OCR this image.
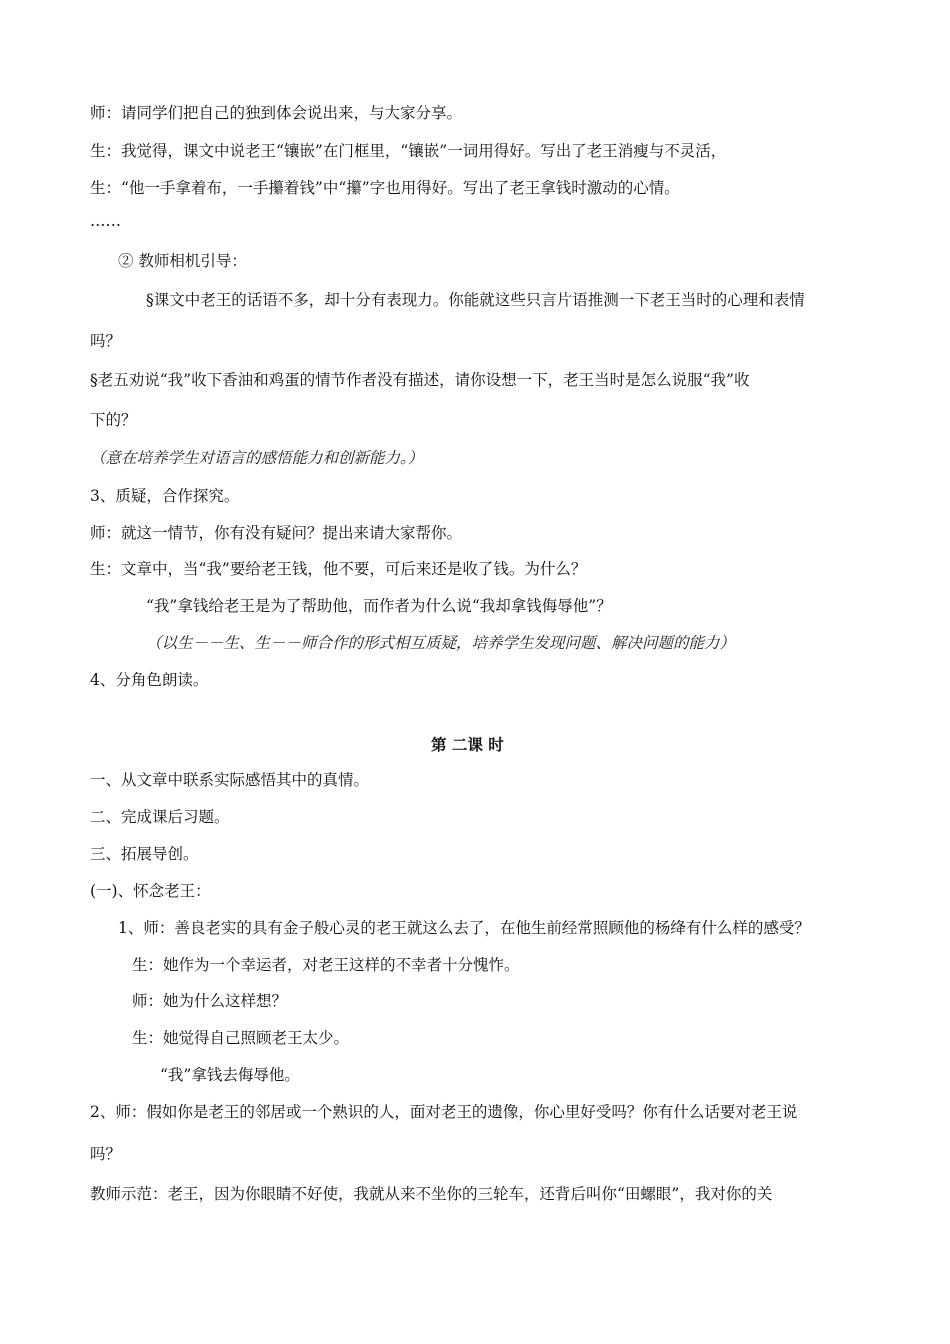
师：请同学们把自己的独到体会说出来，与大家分享。
生：我觉得，课文中说老王“镶嵌”在门框里，“镶嵌”一词用得好。写出了老王消瘦与不灵活，
生：“他一手拿着布，一手攥着钱”中“攥”字也用得好。写出了老王拿钱时激动的心情。
……
② 教师相机引导：
§课文中老王的话语不多，却十分有表现力。你能就这些只言片语推测一下老王当时的心理和表情
吗？
§老五劝说“我”收下香油和鸡蛋的情节作者没有描述，请你设想一下，老王当时是怎么说服“我”收
下的？
（意在培养学生对语言的感悟能力和创新能力。）
3、质疑，合作探究。
师：就这一情节，你有没有疑问？提出来请大家帮你。
生：文章中，当“我”要给老王钱，他不要，可后来还是收了钱。为什么？
“我”拿钱给老王是为了帮助他，而作者为什么说“我却拿钱侮辱他”？
（以生－－生、生－－师合作的形式相互质疑，培养学生发现问题、解决问题的能力）
4、分角色朗读。
第 二课 时
一、从文章中联系实际感悟其中的真情。
二、完成课后习题。
三、拓展导创。
(一)、怀念老王：
1、师：善良老实的具有金子般心灵的老王就这么去了，在他生前经常照顾他的杨绛有什么样的感受？
生：她作为一个幸运者，对老王这样的不幸者十分愧怍。
师：她为什么这样想？
生：她觉得自己照顾老王太少。
“我”拿钱去侮辱他。
2、师：假如你是老王的邻居或一个熟识的人，面对老王的遗像，你心里好受吗？你有什么话要对老王说
吗？
教师示范：老王，因为你眼睛不好使，我就从来不坐你的三轮车，还背后叫你“田螺眼”，我对你的关
